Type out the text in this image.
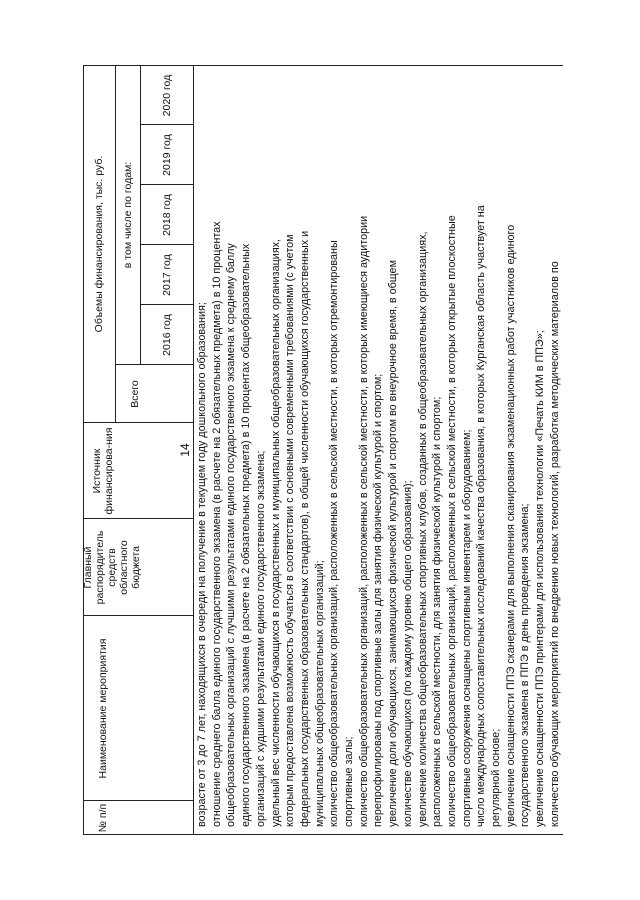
14
№ п/п
Наименование мероприятия
Главный распорядитель средств областного бюджета
Источник финансирова-ния
Объемы финансирования, тыс. руб.
Всего
в том числе по годам:
2016 год
2017 год
2018 год
2019 год
2020 год
возрасте от 3 до 7 лет, находящихся в очереди на получение в текущем году дошкольного образования; отношение среднего балла единого государственного экзамена (в расчете на 2 обязательных предмета) в 10 процентах общеобразовательных организаций с лучшими результатами единого государственного экзамена к среднему баллу единого государственного экзамена (в расчете на 2 обязательных предмета) в 10 процентах общеобразовательных организаций с худшими результатами единого государственного экзамена; удельный вес численности обучающихся в государственных и муниципальных общеобразовательных организациях, которым предоставлена возможность обучаться в соответствии с основными современными требованиями (с учетом федеральных государственных образовательных стандартов), в общей численности обучающихся государственных и муниципальных общеобразовательных организаций; количество общеобразовательных организаций, расположенных в сельской местности, в которых отремонтированы спортивные залы; количество общеобразовательных организаций, расположенных в сельской местности, в которых имеющиеся аудитории перепрофилированы под спортивные залы для занятия физической культурой и спортом; увеличение доли обучающихся, занимающихся физической культурой и спортом во внеурочное время, в общем количестве обучающихся (по каждому уровню общего образования); увеличение количества общеобразовательных спортивных клубов, созданных в общеобразовательных организациях, расположенных в сельской местности, для занятия физической культурой и спортом; количество общеобразовательных организаций, расположенных в сельской местности, в которых открытые плоскостные спортивные сооружения оснащены спортивным инвентарем и оборудованием; число международных сопоставительных исследований качества образования, в которых Курганская область участвует на регулярной основе; увеличение оснащенности ППЭ сканерами для выполнения сканирования экзаменационных работ участников единого государственного экзамена в ППЭ в день проведения экзамена; увеличение оснащенности ППЭ принтерами для использования технологии «Печать КИМ в ППЭ»; количество обучающих мероприятий по внедрению новых технологий, разработка методических материалов по
